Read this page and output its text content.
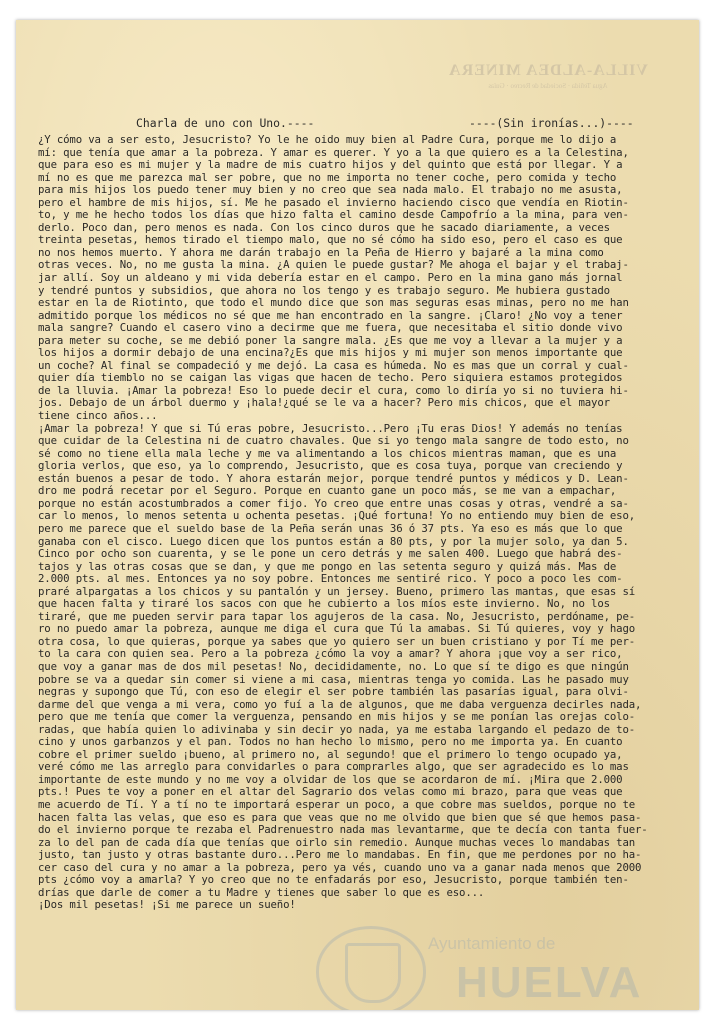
VILLA-ALDEA MINERA
Agua Teñida · Sociedad de Recreo · Guías
Charla de uno con Uno.----	----(Sin ironías...)----
¿Y cómo va a ser esto, Jesucristo? Yo le he oido muy bien al Padre Cura, porque me lo dijo a
mí: que tenía que amar a la pobreza. Y amar es querer. Y yo a la que quiero es a la Celestina,
que para eso es mi mujer y la madre de mis cuatro hijos y del quinto que está por llegar. Y a
mí no es que me parezca mal ser pobre, que no me importa no tener coche, pero comida y techo
para mis hijos los puedo tener muy bien y no creo que sea nada malo. El trabajo no me asusta,
pero el hambre de mis hijos, sí. Me he pasado el invierno haciendo cisco que vendía en Riotin-
to, y me he hecho todos los días que hizo falta el camino desde Campofrío a la mina, para ven-
derlo. Poco dan, pero menos es nada. Con los cinco duros que he sacado diariamente, a veces
treinta pesetas, hemos tirado el tiempo malo, que no sé cómo ha sido eso, pero el caso es que
no nos hemos muerto. Y ahora me darán trabajo en la Peña de Hierro y bajaré a la mina como
otras veces. No, no me gusta la mina. ¿A quien le puede gustar? Me ahoga el bajar y el trabaj-
jar allí. Soy un aldeano y mi vida debería estar en el campo. Pero en la mina gano más jornal
y tendré puntos y subsidios, que ahora no los tengo y es trabajo seguro. Me hubiera gustado
estar en la de Riotinto, que todo el mundo dice que son mas seguras esas minas, pero no me han
admitido porque los médicos no sé que me han encontrado en la sangre. ¡Claro! ¿No voy a tener
mala sangre? Cuando el casero vino a decirme que me fuera, que necesitaba el sitio donde vivo
para meter su coche, se me debió poner la sangre mala. ¿Es que me voy a llevar a la mujer y a
los hijos a dormir debajo de una encina?¿Es que mis hijos y mi mujer son menos importante que
un coche? Al final se compadeció y me dejó. La casa es húmeda. No es mas que un corral y cual-
quier día tiemblo no se caigan las vigas que hacen de techo. Pero siquiera estamos protegidos
de la lluvia. ¡Amar la pobreza! Eso lo puede decir el cura, como lo diría yo si no tuviera hi-
jos. Debajo de un árbol duermo y ¡hala!¿qué se le va a hacer? Pero mis chicos, que el mayor
tiene cinco años...
¡Amar la pobreza! Y que si Tú eras pobre, Jesucristo...Pero ¡Tu eras Dios! Y además no tenías
que cuidar de la Celestina ni de cuatro chavales. Que si yo tengo mala sangre de todo esto, no
sé como no tiene ella mala leche y me va alimentando a los chicos mientras maman, que es una
gloria verlos, que eso, ya lo comprendo, Jesucristo, que es cosa tuya, porque van creciendo y
están buenos a pesar de todo. Y ahora estarán mejor, porque tendré puntos y médicos y D. Lean-
dro me podrá recetar por el Seguro. Porque en cuanto gane un poco más, se me van a empachar,
porque no están acostumbrados a comer fijo. Yo creo que entre unas cosas y otras, vendré a sa-
car lo menos, lo menos setenta u ochenta pesetas. ¡Qué fortuna! Yo no entiendo muy bien de eso,
pero me parece que el sueldo base de la Peña serán unas 36 ó 37 pts. Ya eso es más que lo que
ganaba con el cisco. Luego dicen que los puntos están a 80 pts, y por la mujer solo, ya dan 5.
Cinco por ocho son cuarenta, y se le pone un cero detrás y me salen 400. Luego que habrá des-
tajos y las otras cosas que se dan, y que me pongo en las setenta seguro y quizá más. Mas de
2.000 pts. al mes. Entonces ya no soy pobre. Entonces me sentiré rico. Y poco a poco les com-
praré alpargatas a los chicos y su pantalón y un jersey. Bueno, primero las mantas, que esas sí
que hacen falta y tiraré los sacos con que he cubierto a los míos este invierno. No, no los
tiraré, que me pueden servir para tapar los agujeros de la casa. No, Jesucristo, perdóname, pe-
ro no puedo amar la pobreza, aunque me diga el cura que Tú la amabas. Si Tú quieres, voy y hago
otra cosa, lo que quieras, porque ya sabes que yo quiero ser un buen cristiano y por Tí me per-
to la cara con quien sea. Pero a la pobreza ¿cómo la voy a amar? Y ahora ¡que voy a ser rico,
que voy a ganar mas de dos mil pesetas! No, decididamente, no. Lo que sí te digo es que ningún
pobre se va a quedar sin comer si viene a mi casa, mientras tenga yo comida. Las he pasado muy
negras y supongo que Tú, con eso de elegir el ser pobre también las pasarías igual, para olvi-
darme del que venga a mi vera, como yo fuí a la de algunos, que me daba verguenza decirles nada,
pero que me tenía que comer la verguenza, pensando en mis hijos y se me ponían las orejas colo-
radas, que había quien lo adivinaba y sin decir yo nada, ya me estaba largando el pedazo de to-
cino y unos garbanzos y el pan. Todos no han hecho lo mismo, pero no me importa ya. En cuanto
cobre el primer sueldo ¡bueno, al primero no, al segundo! que el primero lo tengo ocupado ya,
veré cómo me las arreglo para convidarles o para comprarles algo, que ser agradecido es lo mas
importante de este mundo y no me voy a olvidar de los que se acordaron de mí. ¡Mira que 2.000
pts.! Pues te voy a poner en el altar del Sagrario dos velas como mi brazo, para que veas que
me acuerdo de Tí. Y a tí no te importará esperar un poco, a que cobre mas sueldos, porque no te
hacen falta las velas, que eso es para que veas que no me olvido que bien que sé que hemos pasa-
do el invierno porque te rezaba el Padrenuestro nada mas levantarme, que te decía con tanta fuer-
za lo del pan de cada día que tenías que oirlo sin remedio. Aunque muchas veces lo mandabas tan
justo, tan justo y otras bastante duro...Pero me lo mandabas. En fin, que me perdones por no ha-
cer caso del cura y no amar a la pobreza, pero ya vés, cuando uno va a ganar nada menos que 2000
pts ¿cómo voy a amarla? Y yo creo que no te enfadarás por eso, Jesucristo, porque también ten-
drías que darle de comer a tu Madre y tienes que saber lo que es eso...
¡Dos mil pesetas! ¡Si me parece un sueño!
Ayuntamiento de
HUELVA
